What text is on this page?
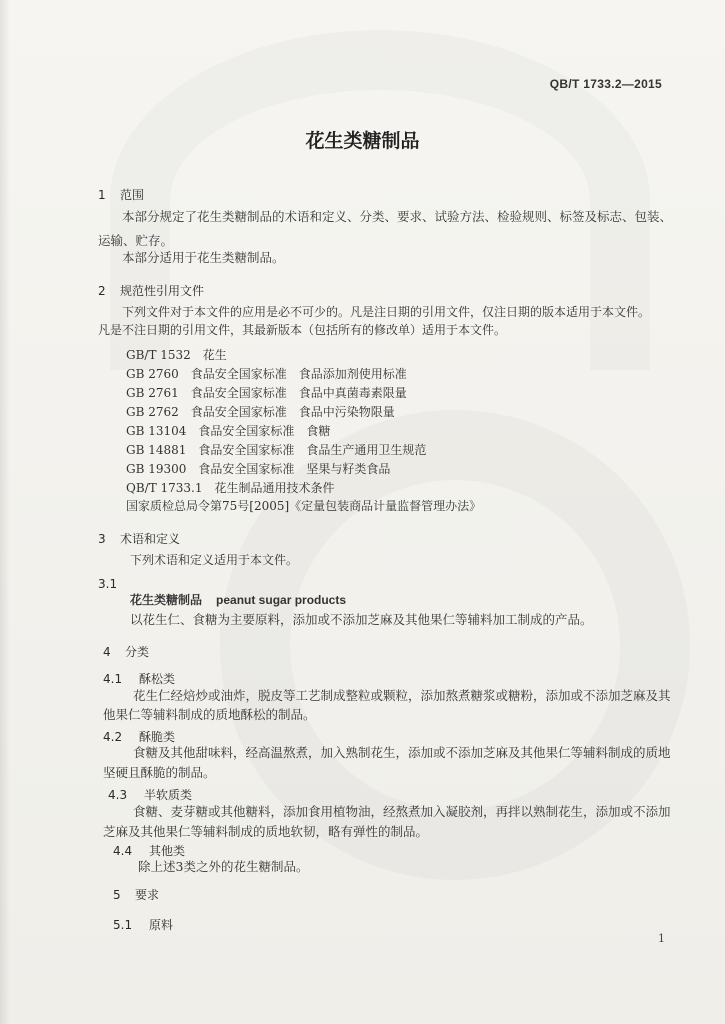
QB/T 1733.2—2015
花生类糖制品
1 范围
本部分规定了花生类糖制品的术语和定义、分类、要求、试验方法、检验规则、标签及标志、包装、
运输、贮存。
本部分适用于花生类糖制品。
2 规范性引用文件
下列文件对于本文件的应用是必不可少的。凡是注日期的引用文件，仅注日期的版本适用于本文件。
凡是不注日期的引用文件，其最新版本（包括所有的修改单）适用于本文件。
GB/T 1532　花生
GB 2760　食品安全国家标准　食品添加剂使用标准
GB 2761　食品安全国家标准　食品中真菌毒素限量
GB 2762　食品安全国家标准　食品中污染物限量
GB 13104　食品安全国家标准　食糖
GB 14881　食品安全国家标准　食品生产通用卫生规范
GB 19300　食品安全国家标准　坚果与籽类食品
QB/T 1733.1　花生制品通用技术条件
国家质检总局令第75号[2005]《定量包装商品计量监督管理办法》
3 术语和定义
下列术语和定义适用于本文件。
3.1
花生类糖制品 peanut sugar products
以花生仁、食糖为主要原料，添加或不添加芝麻及其他果仁等辅料加工制成的产品。
4 分类
4.1 酥松类
花生仁经焙炒或油炸，脱皮等工艺制成整粒或颗粒，添加熬煮糖浆或糖粉，添加或不添加芝麻及其
他果仁等辅料制成的质地酥松的制品。
4.2 酥脆类
食糖及其他甜味料，经高温熬煮，加入熟制花生，添加或不添加芝麻及其他果仁等辅料制成的质地
坚硬且酥脆的制品。
4.3 半软质类
食糖、麦芽糖或其他糖料，添加食用植物油，经熬煮加入凝胶剂，再拌以熟制花生，添加或不添加
芝麻及其他果仁等辅料制成的质地软韧，略有弹性的制品。
4.4 其他类
除上述3类之外的花生糖制品。
5 要求
5.1 原料
1
